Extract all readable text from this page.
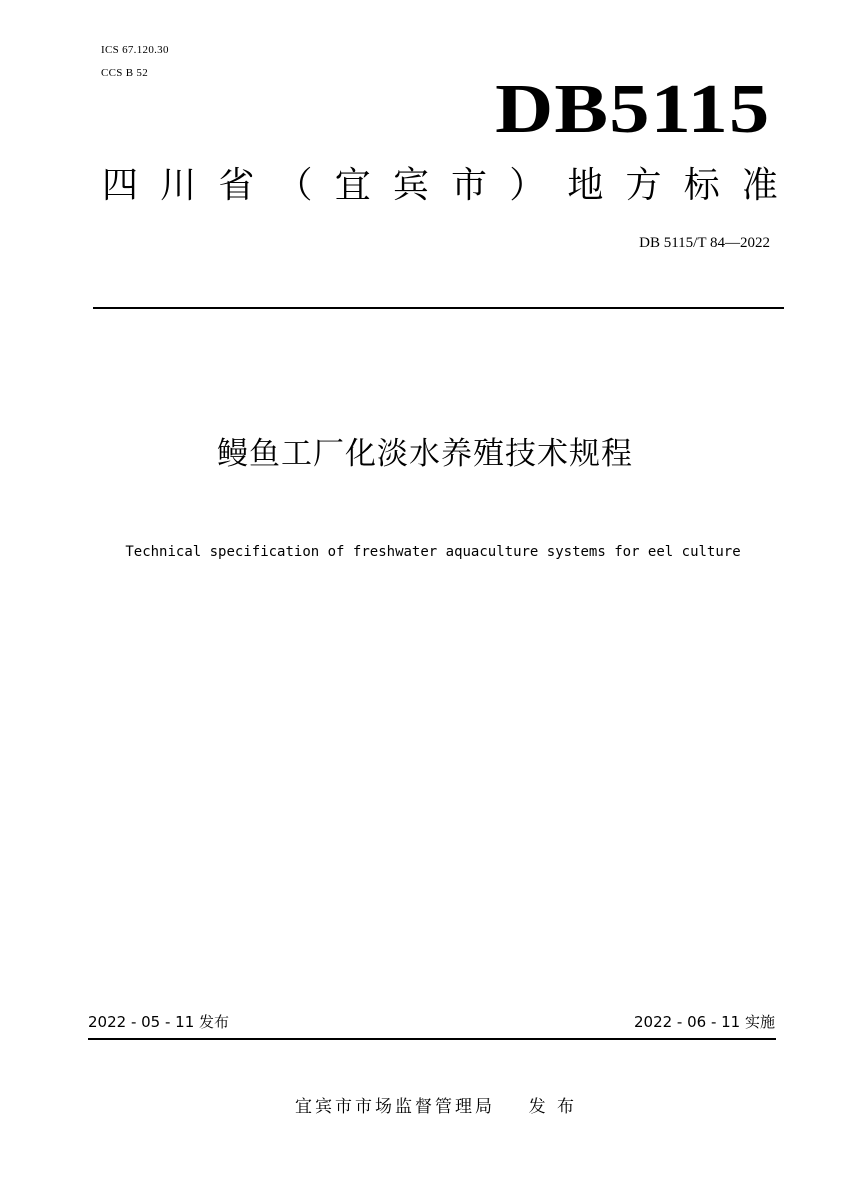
ICS 67.120.30
CCS B 52	DB5115
四 川 省 （ 宜 宾 市 ） 地 方 标 准
DB 5115/T 84—2022
鳗鱼工厂化淡水养殖技术规程
Technical specification of freshwater aquaculture systems for eel culture
2022 - 05 - 11 发布	2022 - 06 - 11 实施
宜宾市市场监督管理局    发 布
